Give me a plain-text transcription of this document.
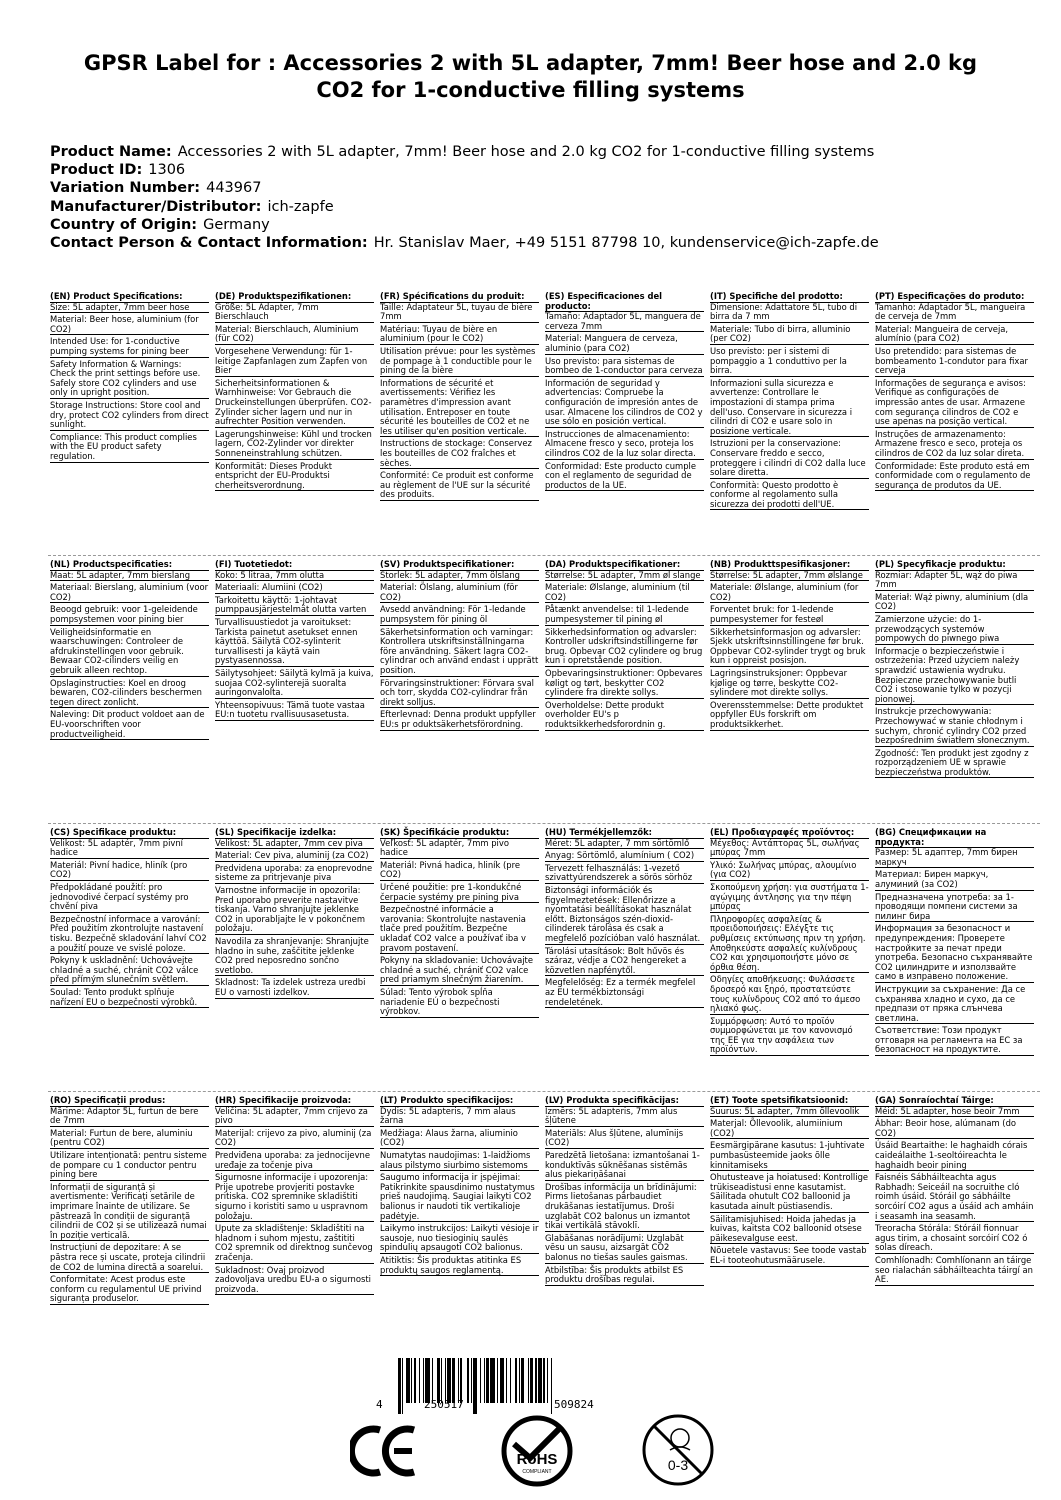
GPSR Label for : Accessories 2 with 5L adapter, 7mm! Beer hose and 2.0 kg CO2 for 1-conductive filling systems
Product Name: Accessories 2 with 5L adapter, 7mm! Beer hose and 2.0 kg CO2 for 1-conductive filling systems
Product ID: 1306
Variation Number: 443967
Manufacturer/Distributor: ich-zapfe
Country of Origin: Germany
Contact Person & Contact Information: Hr. Stanislav Maer, +49 5151 87798 10, kundenservice@ich-zapfe.de
(EN) Product Specifications:
Size: 5L adapter, 7mm beer hose
Material: Beer hose, aluminium (for CO2)
Intended Use: for 1-conductive pumping systems for pining beer
Safety Information & Warnings: Check the print settings before use. Safely store CO2 cylinders and use only in upright position.
Storage Instructions: Store cool and dry, protect CO2 cylinders from direct sunlight.
Compliance: This product complies with the EU product safety regulation.
(DE) Produktspezifikationen:
Größe: 5L Adapter, 7mm Bierschlauch
Material: Bierschlauch, Aluminium (für CO2)
Vorgesehene Verwendung: für 1-leitige Zapfanlagen zum Zapfen von Bier
Sicherheitsinformationen & Warnhinweise: Vor Gebrauch die Druckeinstellungen überprüfen. CO2-Zylinder sicher lagern und nur in aufrechter Position verwenden.
Lagerungshinweise: Kühl und trocken lagern, CO2-Zylinder vor direkter Sonneneinstrahlung schützen.
Konformität: Dieses Produkt entspricht der EU-Produktsi cherheitsverordnung.
(FR) Spécifications du produit:
Taille: Adaptateur 5L, tuyau de bière 7mm
Matériau: Tuyau de bière en aluminium (pour le CO2)
Utilisation prévue: pour les systèmes de pompage à 1 conductible pour le pining de la bière
Informations de sécurité et avertissements: Vérifiez les paramètres d'impression avant utilisation. Entreposer en toute sécurité les bouteilles de CO2 et ne les utiliser qu'en position verticale.
Instructions de stockage: Conservez les bouteilles de CO2 fraîches et sèches.
Conformité: Ce produit est conforme au règlement de l'UE sur la sécurité des produits.
(ES) Especificaciones del producto:
Tamaño: Adaptador 5L, manguera de cerveza 7mm
Material: Manguera de cerveza, aluminio (para CO2)
Uso previsto: para sistemas de bombeo de 1-conductor para cerveza
Información de seguridad y advertencias: Compruebe la configuración de impresión antes de usar. Almacene los cilindros de CO2 y use sólo en posición vertical.
Instrucciones de almacenamiento: Almacene fresco y seco, proteja los cilindros CO2 de la luz solar directa.
Conformidad: Este producto cumple con el reglamento de seguridad de productos de la UE.
(IT) Specifiche del prodotto:
Dimensione: Adattatore 5L, tubo di birra da 7 mm
Materiale: Tubo di birra, alluminio (per CO2)
Uso previsto: per i sistemi di pompaggio a 1 conduttivo per la birra.
Informazioni sulla sicurezza e avvertenze: Controllare le impostazioni di stampa prima dell'uso. Conservare in sicurezza i cilindri di CO2 e usare solo in posizione verticale.
Istruzioni per la conservazione: Conservare freddo e secco, proteggere i cilindri di CO2 dalla luce solare diretta.
Conformità: Questo prodotto è conforme al regolamento sulla sicurezza dei prodotti dell'UE.
(PT) Especificações do produto:
Tamanho: Adaptador 5L, mangueira de cerveja de 7mm
Material: Mangueira de cerveja, alumínio (para CO2)
Uso pretendido: para sistemas de bombeamento 1-condutor para fixar cerveja
Informações de segurança e avisos: Verifique as configurações de impressão antes de usar. Armazene com segurança cilindros de CO2 e use apenas na posição vertical.
Instruções de armazenamento: Armazene fresco e seco, proteja os cilindros de CO2 da luz solar direta.
Conformidade: Este produto está em conformidade com o regulamento de segurança de produtos da UE.
(NL) Productspecificaties:
Maat: 5L adapter, 7mm bierslang
Materiaal: Bierslang, aluminium (voor CO2)
Beoogd gebruik: voor 1-geleidende pompsystemen voor pining bier
Veiligheidsinformatie en waarschuwingen: Controleer de afdrukinstellingen voor gebruik. Bewaar CO2-cilinders veilig en gebruik alleen rechtop.
Opslaginstructies: Koel en droog bewaren, CO2-cilinders beschermen tegen direct zonlicht.
Naleving: Dit product voldoet aan de EU-voorschriften voor productveiligheid.
(FI) Tuotetiedot:
Koko: 5 litraa, 7mm olutta
Materiaali: Alumiini (CO2)
Tarkoitettu käyttö: 1-johtavat pumppausjärjestelmät olutta varten
Turvallisuustiedot ja varoitukset: Tarkista painetut asetukset ennen käyttöä. Säilytä CO2-sylinterit turvallisesti ja käytä vain pystyasennossa.
Säilytysohjeet: Säilytä kylmä ja kuiva, suojaa CO2-sylinterejä suoralta auringonvalolta.
Yhteensopivuus: Tämä tuote vastaa EU:n tuotetu rvallisuusasetusta.
(SV) Produktspecifikationer:
Storlek: 5L adapter, 7mm ölslang
Material: Ölslang, aluminium (för CO2)
Avsedd användning: För 1-ledande pumpsystem för pining öl
Säkerhetsinformation och varningar: Kontrollera utskriftsinställningarna före användning. Säkert lagra CO2-cylindrar och använd endast i upprätt position.
Förvaringsinstruktioner: Förvara sval och torr, skydda CO2-cylindrar från direkt solljus.
Efterlevnad: Denna produkt uppfyller EU:s pr oduktsäkerhetsförordning.
(DA) Produktspecifikationer:
Størrelse: 5L adapter, 7mm øl slange
Materiale: Ølslange, aluminium (til CO2)
Påtænkt anvendelse: til 1-ledende pumpesystemer til pining øl
Sikkerhedsinformation og advarsler: Kontroller udskriftsindstillingerne før brug. Opbevar CO2 cylindere og brug kun i opretstående position.
Opbevaringsinstruktioner: Opbevares køligt og tørt, beskytter CO2 cylindere fra direkte sollys.
Overholdelse: Dette produkt overholder EU's p roduktsikkerhedsforordnin g.
(NB) Produkttspesifikasjoner:
Størrelse: 5L adapter, 7mm ølslange
Materiale: Ølslange, aluminium (for CO2)
Forventet bruk: for 1-ledende pumpesystemer for festeøl
Sikkerhetsinformasjon og advarsler: Sjekk utskriftsinnstillingene før bruk. Oppbevar CO2-sylinder trygt og bruk kun i oppreist posisjon.
Lagringsinstruksjoner: Oppbevar kjølige og tørre, beskytte CO2-sylindere mot direkte sollys.
Overensstemmelse: Dette produktet oppfyller EUs forskrift om produktsikkerhet.
(PL) Specyfikacje produktu:
Rozmiar: Adapter 5L, wąż do piwa 7mm
Materiał: Wąż piwny, aluminium (dla CO2)
Zamierzone użycie: do 1-przewodzących systemów pompowych do piwnego piwa
Informacje o bezpieczeństwie i ostrzeżenia: Przed użyciem należy sprawdzić ustawienia wydruku. Bezpieczne przechowywanie butli CO2 i stosowanie tylko w pozycji pionowej.
Instrukcje przechowywania: Przechowywać w stanie chłodnym i suchym, chronić cylindry CO2 przed bezpośrednim światłem słonecznym.
Zgodność: Ten produkt jest zgodny z rozporządzeniem UE w sprawie bezpieczeństwa produktów.
(CS) Specifikace produktu:
Velikost: 5L adaptér, 7mm pivní hadice
Materiál: Pivní hadice, hliník (pro CO2)
Předpokládané použití: pro jednovodivé čerpací systémy pro chvění piva
Bezpečnostní informace a varování: Před použitím zkontrolujte nastavení tisku. Bezpečně skladování lahví CO2 a použití pouze ve svislé poloze.
Pokyny k uskladnění: Uchovávejte chladné a suché, chránit CO2 válce před přímým slunečním světlem.
Soulad: Tento produkt splňuje nařízení EU o bezpečnosti výrobků.
(SL) Specifikacije izdelka:
Velikost: 5L adapter, 7mm cev piva
Material: Cev piva, aluminij (za CO2)
Predvidena uporaba: za enoprevodne sisteme za pritrjevanje piva
Varnostne informacije in opozorila: Pred uporabo preverite nastavitve tiskanja. Varno shranjujte jeklenke CO2 in uporabljajte le v pokončnem položaju.
Navodila za shranjevanje: Shranjujte hladno in suhe, zaščitite jeklenke CO2 pred neposredno sončno svetlobo.
Skladnost: Ta izdelek ustreza uredbi EU o varnosti izdelkov.
(SK) Špecifikácie produktu:
Veľkosť: 5L adaptér, 7mm pivo hadice
Materiál: Pivná hadica, hliník (pre CO2)
Určené použitie: pre 1-kondukčné čerpacie systémy pre pining piva
Bezpečnostné informácie a varovania: Skontrolujte nastavenia tlače pred použitím. Bezpečne ukladať CO2 valce a používať iba v pravom postavení.
Pokyny na skladovanie: Uchovávajte chladné a suché, chrániť CO2 valce pred priamym slnečným žiarením.
Súlad: Tento výrobok spĺňa nariadenie EÚ o bezpečnosti výrobkov.
(HU) Termékjellemzők:
Méret: 5L adapter, 7 mm sörtömlő
Anyag: Sörtömlő, alumínium ( CO2)
Tervezett felhasználás: 1-vezető szivattyúrendszerek a sörös sörhöz
Biztonsági információk és figyelmeztetések: Ellenőrizze a nyomtatási beállításokat használat előtt. Biztonságos szén-dioxid-cilinderek tárolása és csak a megfelelő pozícióban való használat.
Tárolási utasítások: Bolt hűvös és száraz, védje a CO2 hengereket a közvetlen napfénytől.
Megfelelőség: Ez a termék megfelel az EU termékbiztonsági rendeletének.
(EL) Προδιαγραφές προϊόντος:
Μέγεθος: Αντάπτορας 5L, σωλήνας μπύρας 7mm
Υλικό: Σωλήνας μπύρας, αλουμίνιο (για CO2)
Σκοπούμενη χρήση: για συστήματα 1-αγώγιμης άντλησης για την πέψη μπύρας
Πληροφορίες ασφαλείας & προειδοποιήσεις: Ελέγξτε τις ρυθμίσεις εκτύπωσης πριν τη χρήση. Αποθηκεύστε ασφαλείς κυλίνδρους CO2 και χρησιμοποιήστε μόνο σε όρθια θέση.
Οδηγίες αποθήκευσης: Φυλάσσετε δροσερό και ξηρό, προστατεύστε τους κυλίνδρους CO2 από το άμεσο ηλιακό φως.
Συμμόρφωση: Αυτό το προϊόν συμμορφώνεται με τον κανονισμό της ΕΕ για την ασφάλεια των προϊόντων.
(BG) Спецификации на продукта:
Размер: 5L адаптер, 7mm бирен маркуч
Материал: Бирен маркуч, алуминий (за CO2)
Предназначена употреба: за 1-проводящи помпени системи за пилинг бира
Информация за безопасност и предупреждения: Проверете настройките за печат преди употреба. Безопасно съхранявайте CO2 цилиндрите и използвайте само в изправено положение.
Инструкции за съхранение: Да се съхранява хладно и сухо, да се предпази от пряка слънчева светлина.
Съответствие: Този продукт отговаря на регламента на ЕС за безопасност на продуктите.
(RO) Specificații produs:
Mărime: Adaptor 5L, furtun de bere de 7mm
Material: Furtun de bere, aluminiu (pentru CO2)
Utilizare intenționată: pentru sisteme de pompare cu 1 conductor pentru pining bere
Informații de siguranță și avertismente: Verificați setările de imprimare înainte de utilizare. Se păstrează în condiții de siguranță cilindrii de CO2 și se utilizează numai în poziție verticală.
Instrucțiuni de depozitare: A se păstra rece și uscate, proteja cilindrii de CO2 de lumina directă a soarelui.
Conformitate: Acest produs este conform cu regulamentul UE privind siguranța produselor.
(HR) Specifikacije proizvoda:
Veličina: 5L adapter, 7mm crijevo za pivo
Materijal: crijevo za pivo, aluminij (za CO2)
Predviđena uporaba: za jednocijevne uređaje za točenje piva
Sigurnosne informacije i upozorenja: Prije upotrebe provjeriti postavke pritiska. CO2 spremnike skladištiti sigurno i koristiti samo u uspravnom položaju.
Upute za skladištenje: Skladištiti na hladnom i suhom mjestu, zaštititi CO2 spremnik od direktnog sunčevog zračenja.
Sukladnost: Ovaj proizvod zadovoljava uredbu EU-a o sigurnosti proizvoda.
(LT) Produkto specifikacijos:
Dydis: 5L adapteris, 7 mm alaus žarna
Medžiaga: Alaus žarna, aliuminio (CO2)
Numatytas naudojimas: 1-laidžioms alaus pilstymo siurbimo sistemoms
Saugumo informacija ir įspėjimai: Patikrinkite spausdinimo nustatymus prieš naudojimą. Saugiai laikyti CO2 balionus ir naudoti tik vertikalioje padėtyje.
Laikymo instrukcijos: Laikyti vėsioje ir sausoje, nuo tiesioginių saulės spindulių apsaugoti CO2 balionus.
Atitiktis: Šis produktas atitinka ES produktų saugos reglamentą.
(LV) Produkta specifikācijas:
Izmērs: 5L adapteris, 7mm alus šļūtene
Materiāls: Alus šļūtene, alumīnijs (CO2)
Paredzētā lietošana: izmantošanai 1-konduktīvās sūknēšanas sistēmās alus piekariņāšanai
Drošības informācija un brīdinājumi: Pirms lietošanas pārbaudiet drukāšanas iestatījumus. Droši uzglabāt CO2 balonus un izmantot tikai vertikālā stāvoklī.
Glabāšanas norādījumi: Uzglabāt vēsu un sausu, aizsargāt CO2 balonus no tiešas saules gaismas.
Atbilstība: Šis produkts atbilst ES produktu drošības regulai.
(ET) Toote spetsifikatsioonid:
Suurus: 5L adapter, 7mm õllevoolik
Materjal: Õllevoolik, alumiinium (CO2)
Eesmärgipärane kasutus: 1-juhtivate pumbasüsteemide jaoks õlle kinnitamiseks
Ohutusteave ja hoiatused: Kontrollige trükiseadistusi enne kasutamist. Säilitada ohutult CO2 balloonid ja kasutada ainult püstiasendis.
Säilitamisjuhised: Hoida jahedas ja kuivas, kaitsta CO2 balloonid otsese päikesevalguse eest.
Nõuetele vastavus: See toode vastab EL-i tooteohutusmäärusele.
(GA) Sonraíochtaí Táirge:
Méid: 5L adapter, hose beoir 7mm
Ábhar: Beoir hose, alúmanam (do CO2)
Úsáid Beartaithe: le haghaidh córais caideálaithe 1-seoltóireachta le haghaidh beoir pining
Faisnéis Sábháilteachta agus Rabhadh: Seiceáil na socruithe cló roimh úsáid. Stóráil go sábháilte sorcóirí CO2 agus a úsáid ach amháin i seasamh ina seasamh.
Treoracha Stórála: Stóráil fionnuar agus tirim, a chosaint sorcóirí CO2 ó solas díreach.
Comhlíonadh: Comhlíonann an táirge seo rialachán sábháilteachta táirgí an AE.
4	250517	509824
RoHS
COMPLIANT	0-3
